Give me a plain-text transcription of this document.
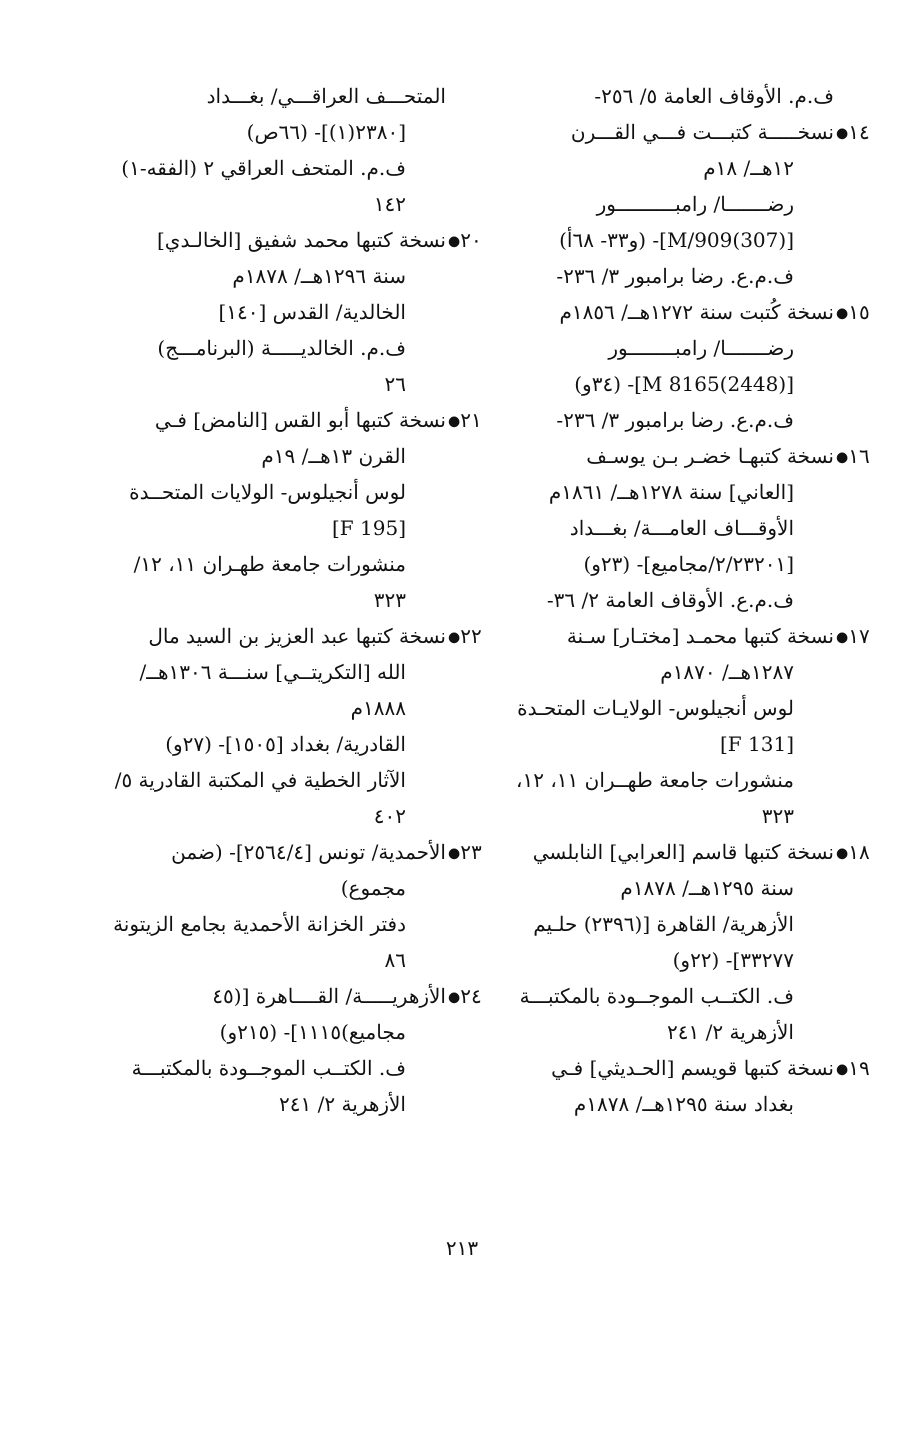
ف.م. الأوقاف العامة ٥/ ٢٥٦-
١٤●
نسخـــــة كتبـــت فـــي القـــرن
١٢هــ/ ١٨م
رضـــــــا/ رامبــــــــــور
[(307)909/M]- (و٣٣- ٦٨أ)
ف.م.ع. رضا برامبور ٣/ ٢٣٦-
١٥●
نسخة كُتبت سنة ١٢٧٢هــ/ ١٨٥٦م
رضـــــــا/ رامبــــــــور
[(2448)8165 M]- (٣٤و)
ف.م.ع. رضا برامبور ٣/ ٢٣٦-
١٦●
نسخة كتبهـا خضـر بـن يوسـف
[العاني] سنة ١٢٧٨هــ/ ١٨٦١م
الأوقـــاف العامـــة/ بغـــداد
[٢/٢٣٢٠١/مجاميع]- (٢٣و)
ف.م.ع. الأوقاف العامة ٢/ ٣٦-
١٧●
نسخة كتبها محمـد [مختـار] سـنة
١٢٨٧هــ/ ١٨٧٠م
لوس أنجيلوس- الولايـات المتحـدة
[F 131]
منشورات جامعة طهــران ١١، ١٢،
٣٢٣
١٨●
نسخة كتبها قاسم [العرابي] النابلسي
سنة ١٢٩٥هــ/ ١٨٧٨م
الأزهرية/ القاهرة [(٢٣٩٦) حلـيم
٣٣٢٧٧]- (٢٢و)
ف. الكتــب الموجــودة بالمكتبـــة
الأزهرية ٢/ ٢٤١
١٩●
نسخة كتبها قويسم [الحـديثي] فـي
بغداد سنة ١٢٩٥هــ/ ١٨٧٨م
المتحـــف العراقـــي/ بغـــداد
[٢٣٨٠(١)]- (٦٦ص)
ف.م. المتحف العراقي ٢ (الفقه-١)
١٤٢
٢٠●
نسخة كتبها محمد شفيق [الخالـدي]
سنة ١٢٩٦هــ/ ١٨٧٨م
الخالدية/ القدس [١٤٠]
ف.م. الخالديـــــة (البرنامـــج)
٢٦
٢١●
نسخة كتبها أبو القس [النامض] فـي
القرن ١٣هــ/ ١٩م
لوس أنجيلوس- الولايات المتحــدة
[F 195]
منشورات جامعة طهـران ١١، ١٢/
٣٢٣
٢٢●
نسخة كتبها عبد العزيز بن السيد مال
الله [التكريتــي] سنـــة ١٣٠٦هــ/
١٨٨٨م
القادرية/ بغداد [١٥٠٥]- (٢٧و)
الآثار الخطية في المكتبة القادرية ٥/
٤٠٢
٢٣●
الأحمدية/ تونس [٢٥٦٤/٤]- (ضمن
مجموع)
دفتر الخزانة الأحمدية بجامع الزيتونة
٨٦
٢٤●
الأزهريـــــة/ القــــاهرة [(٤٥
مجاميع)١١١٥]- (٢١٥و)
ف. الكتــب الموجــودة بالمكتبـــة
الأزهرية ٢/ ٢٤١
٢١٣
